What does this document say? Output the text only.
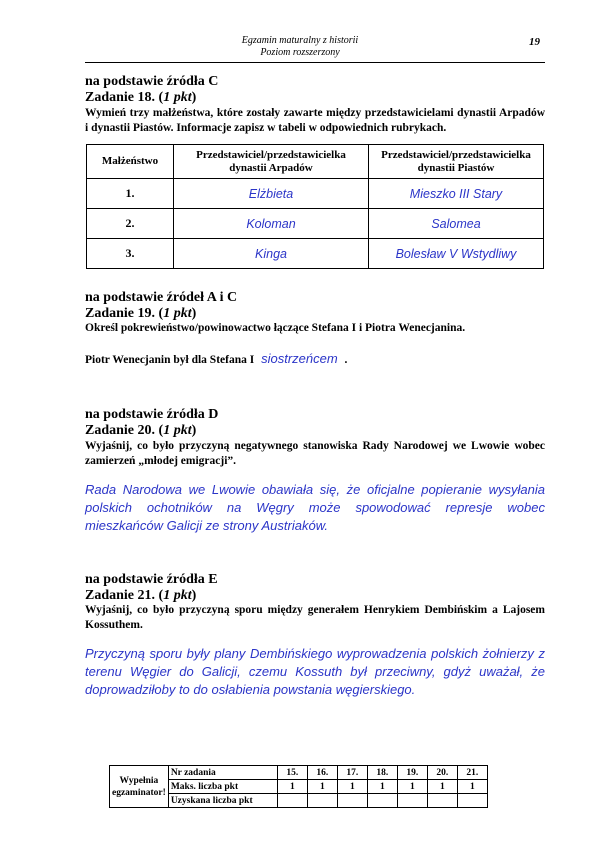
Egzamin maturalny z historii
Poziom rozszerzony
19
na podstawie źródła C
Zadanie 18. (1 pkt)
Wymień trzy małżeństwa, które zostały zawarte między przedstawicielami dynastii Arpadów i dynastii Piastów. Informacje zapisz w tabeli w odpowiednich rubrykach.
Małżeństwo	Przedstawiciel/przedstawicielka dynastii Arpadów	Przedstawiciel/przedstawicielka dynastii Piastów
1.	Elżbieta	Mieszko III Stary
2.	Koloman	Salomea
3.	Kinga	Bolesław V Wstydliwy
na podstawie źródeł A i C
Zadanie 19. (1 pkt)
Określ pokrewieństwo/powinowactwo łączące Stefana I i Piotra Wenecjanina.
Piotr Wenecjanin był dla Stefana I siostrzeńcem .
na podstawie źródła D
Zadanie 20. (1 pkt)
Wyjaśnij, co było przyczyną negatywnego stanowiska Rady Narodowej we Lwowie wobec zamierzeń „młodej emigracji”.
Rada Narodowa we Lwowie obawiała się, że oficjalne popieranie wysyłania polskich ochotników na Węgry może spowodować represje wobec mieszkańców Galicji ze strony Austriaków.
na podstawie źródła E
Zadanie 21. (1 pkt)
Wyjaśnij, co było przyczyną sporu między generałem Henrykiem Dembińskim a Lajosem Kossuthem.
Przyczyną sporu były plany Dembińskiego wyprowadzenia polskich żołnierzy z terenu Węgier do Galicji, czemu Kossuth był przeciwny, gdyż uważał, że doprowadziłoby to do osłabienia powstania węgierskiego.
Wypełnia egzaminator!	Nr zadania	15.	16.	17.	18.	19.	20.	21.
	Maks. liczba pkt	1	1	1	1	1	1	1
	Uzyskana liczba pkt							
